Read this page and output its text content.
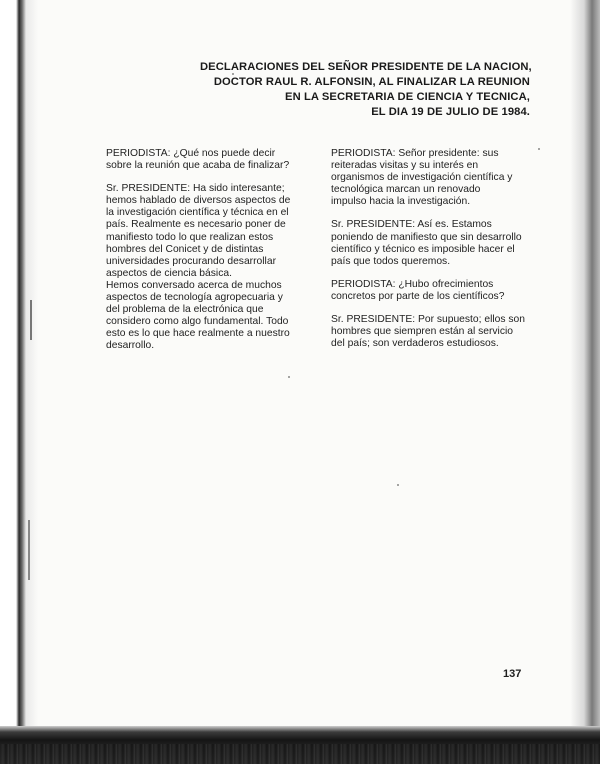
DECLARACIONES DEL SEÑOR PRESIDENTE DE LA NACION,
DOCTOR RAUL R. ALFONSIN, AL FINALIZAR LA REUNION
EN LA SECRETARIA DE CIENCIA Y TECNICA,
EL DIA 19 DE JULIO DE 1984.
PERIODISTA: ¿Qué nos puede decir
sobre la reunión que acaba de finalizar?
Sr. PRESIDENTE: Ha sido interesante;
hemos hablado de diversos aspectos de
la investigación científica y técnica en el
país. Realmente es necesario poner de
manifiesto todo lo que realizan estos
hombres del Conicet y de distintas
universidades procurando desarrollar
aspectos de ciencia básica.
Hemos conversado acerca de muchos
aspectos de tecnología agropecuaria y
del problema de la electrónica que
considero como algo fundamental. Todo
esto es lo que hace realmente a nuestro
desarrollo.
PERIODISTA: Señor presidente: sus
reiteradas visitas y su interés en
organismos de investigación científica y
tecnológica marcan un renovado
impulso hacia la investigación.
Sr. PRESIDENTE: Así es. Estamos
poniendo de manifiesto que sin desarrollo
científico y técnico es imposible hacer el
país que todos queremos.
PERIODISTA: ¿Hubo ofrecimientos
concretos por parte de los científicos?
Sr. PRESIDENTE: Por supuesto; ellos son
hombres que siempren están al servicio
del país; son verdaderos estudiosos.
137
